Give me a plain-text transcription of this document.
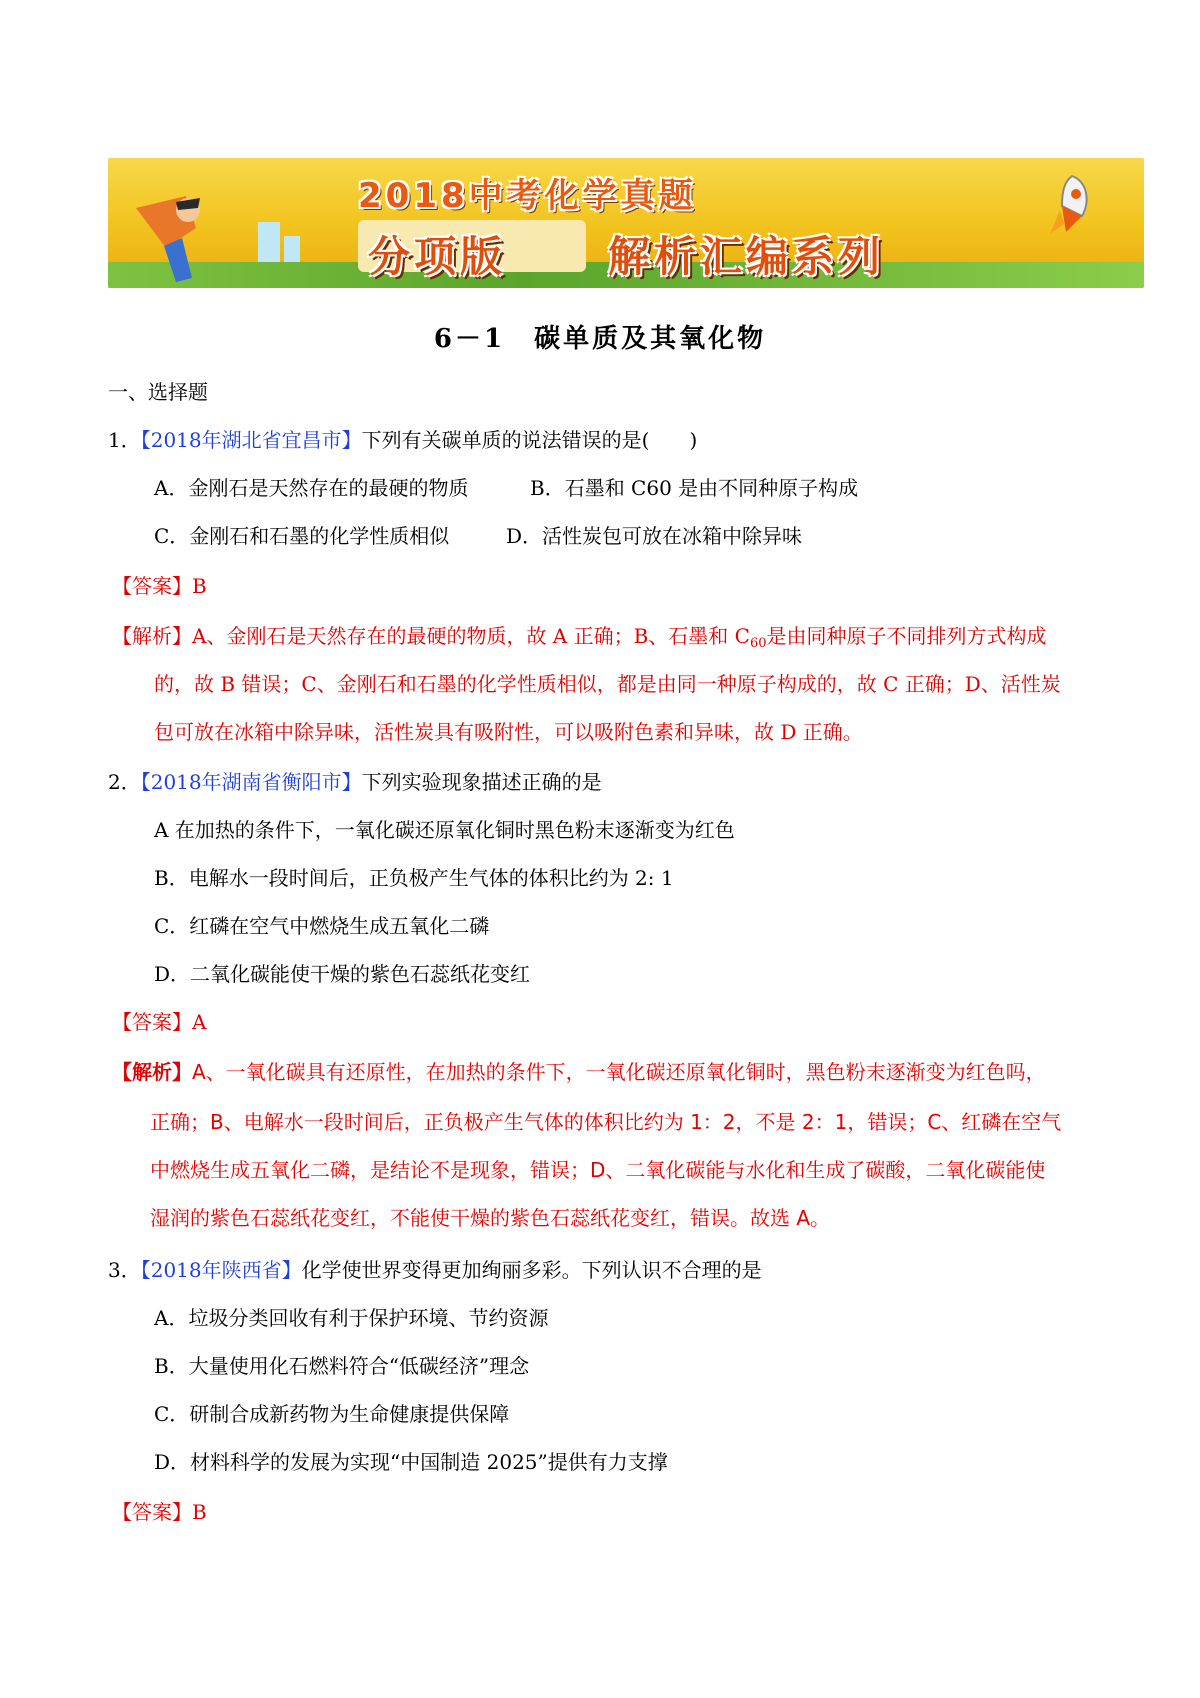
2018中考化学真题
分项版 解析汇编系列
6－1　碳单质及其氧化物
一、选择题
1．【2018年湖北省宜昌市】下列有关碳单质的说法错误的是(　　)
A．金刚石是天然存在的最硬的物质	B．石墨和 C60 是由不同种原子构成
C．金刚石和石墨的化学性质相似	D．活性炭包可放在冰箱中除异味
【答案】B
【解析】A、金刚石是天然存在的最硬的物质，故 A 正确；B、石墨和 $C_{60}$是由同种原子不同排列方式构成
的，故 B 错误；C、金刚石和石墨的化学性质相似，都是由同一种原子构成的，故 C 正确；D、活性炭
包可放在冰箱中除异味，活性炭具有吸附性，可以吸附色素和异味，故 D 正确。
2．【2018年湖南省衡阳市】下列实验现象描述正确的是
A 在加热的条件下，一氧化碳还原氧化铜时黑色粉末逐渐变为红色
B．电解水一段时间后，正负极产生气体的体积比约为 2: 1
C．红磷在空气中燃烧生成五氧化二磷
D．二氧化碳能使干燥的紫色石蕊纸花变红
【答案】A
【解析】A、一氧化碳具有还原性，在加热的条件下，一氧化碳还原氧化铜时，黑色粉末逐渐变为红色吗，
正确；B、电解水一段时间后，正负极产生气体的体积比约为 1：2，不是 2：1，错误；C、红磷在空气
中燃烧生成五氧化二磷，是结论不是现象，错误；D、二氧化碳能与水化和生成了碳酸，二氧化碳能使
湿润的紫色石蕊纸花变红，不能使干燥的紫色石蕊纸花变红，错误。故选 A。
3．【2018年陕西省】化学使世界变得更加绚丽多彩。下列认识不合理的是
A．垃圾分类回收有利于保护环境、节约资源
B．大量使用化石燃料符合“低碳经济”理念
C．研制合成新药物为生命健康提供保障
D．材料科学的发展为实现“中国制造 2025”提供有力支撑
【答案】B
